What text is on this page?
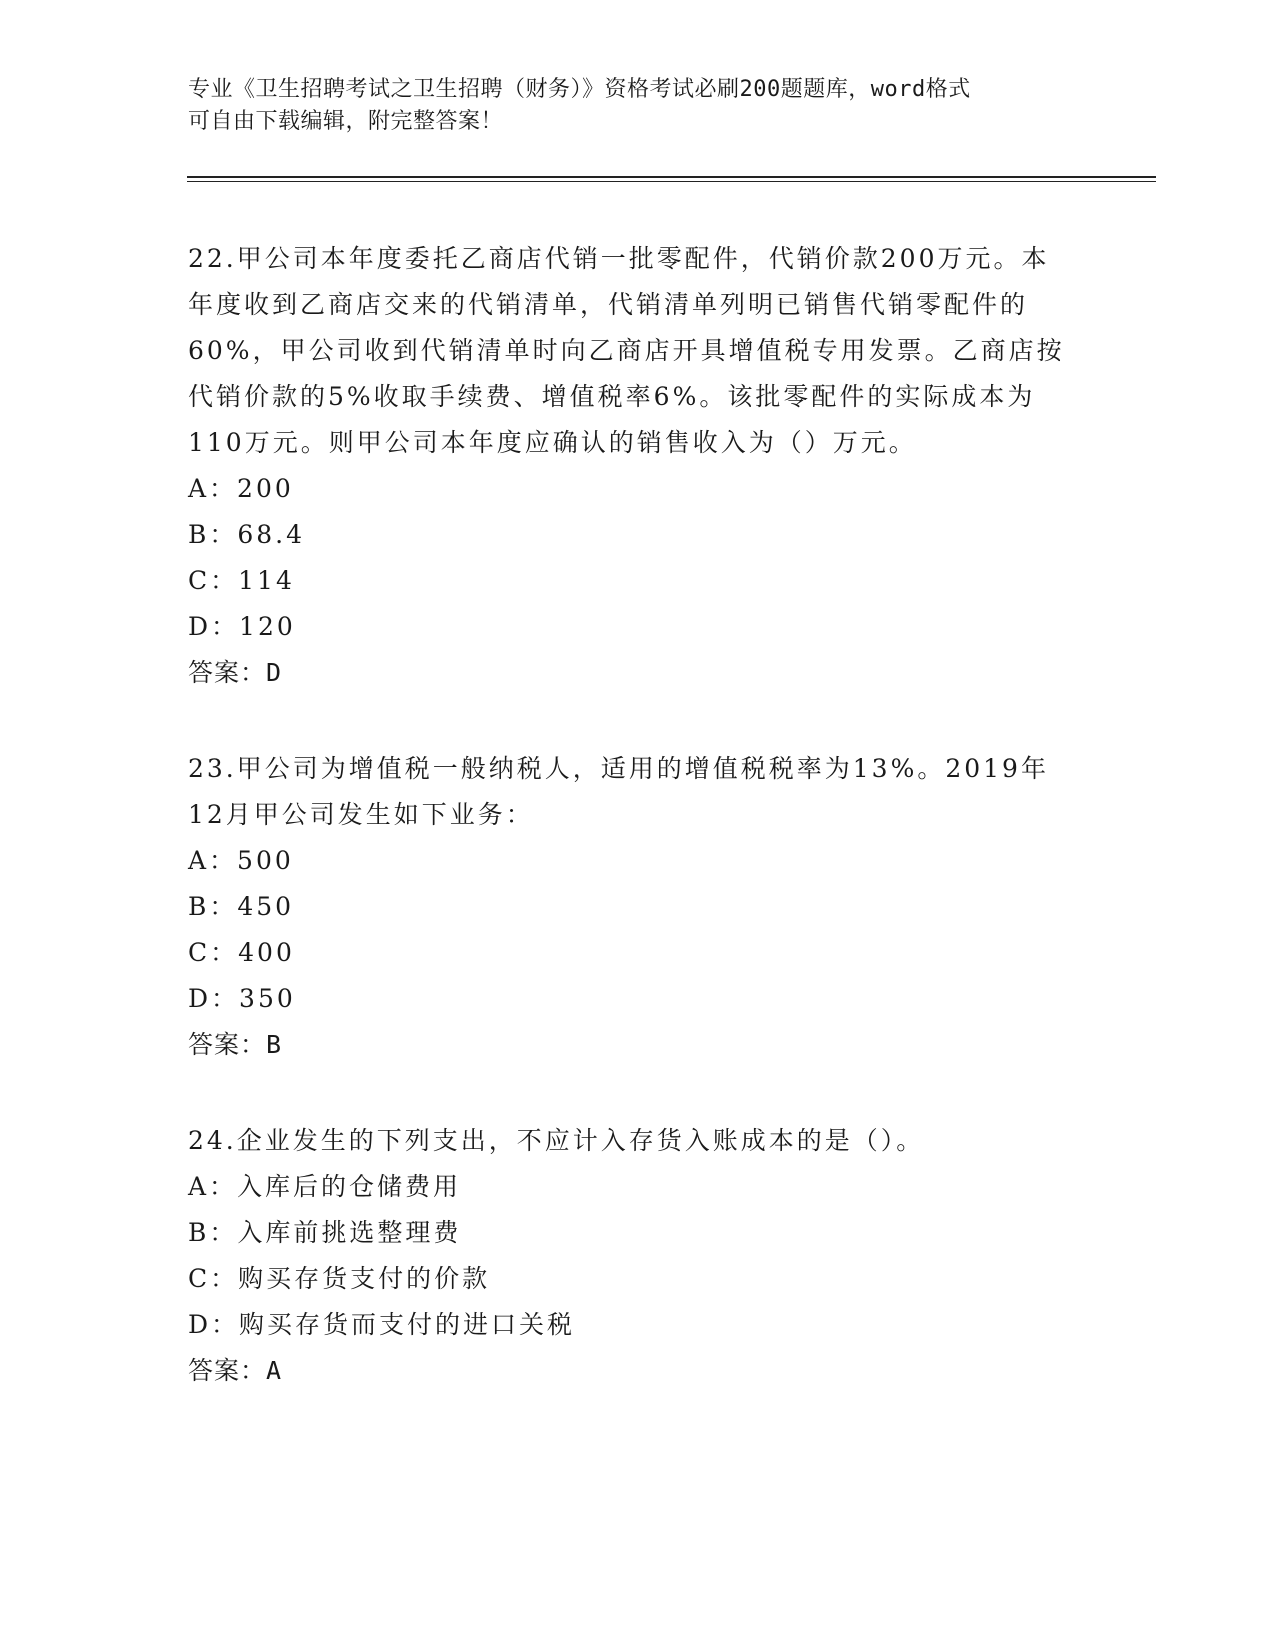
专业《卫生招聘考试之卫生招聘（财务）》资格考试必刷200题题库，word格式
可自由下载编辑，附完整答案！
22.甲公司本年度委托乙商店代销一批零配件，代销价款200万元。本
年度收到乙商店交来的代销清单，代销清单列明已销售代销零配件的
60%，甲公司收到代销清单时向乙商店开具增值税专用发票。乙商店按
代销价款的5%收取手续费、增值税率6%。该批零配件的实际成本为
110万元。则甲公司本年度应确认的销售收入为（）万元。
A：200
B：68.4
C：114
D：120
答案：D
23.甲公司为增值税一般纳税人，适用的增值税税率为13%。2019年
12月甲公司发生如下业务：
A：500
B：450
C：400
D：350
答案：B
24.企业发生的下列支出，不应计入存货入账成本的是（）。
A：入库后的仓储费用
B：入库前挑选整理费
C：购买存货支付的价款
D：购买存货而支付的进口关税
答案：A
